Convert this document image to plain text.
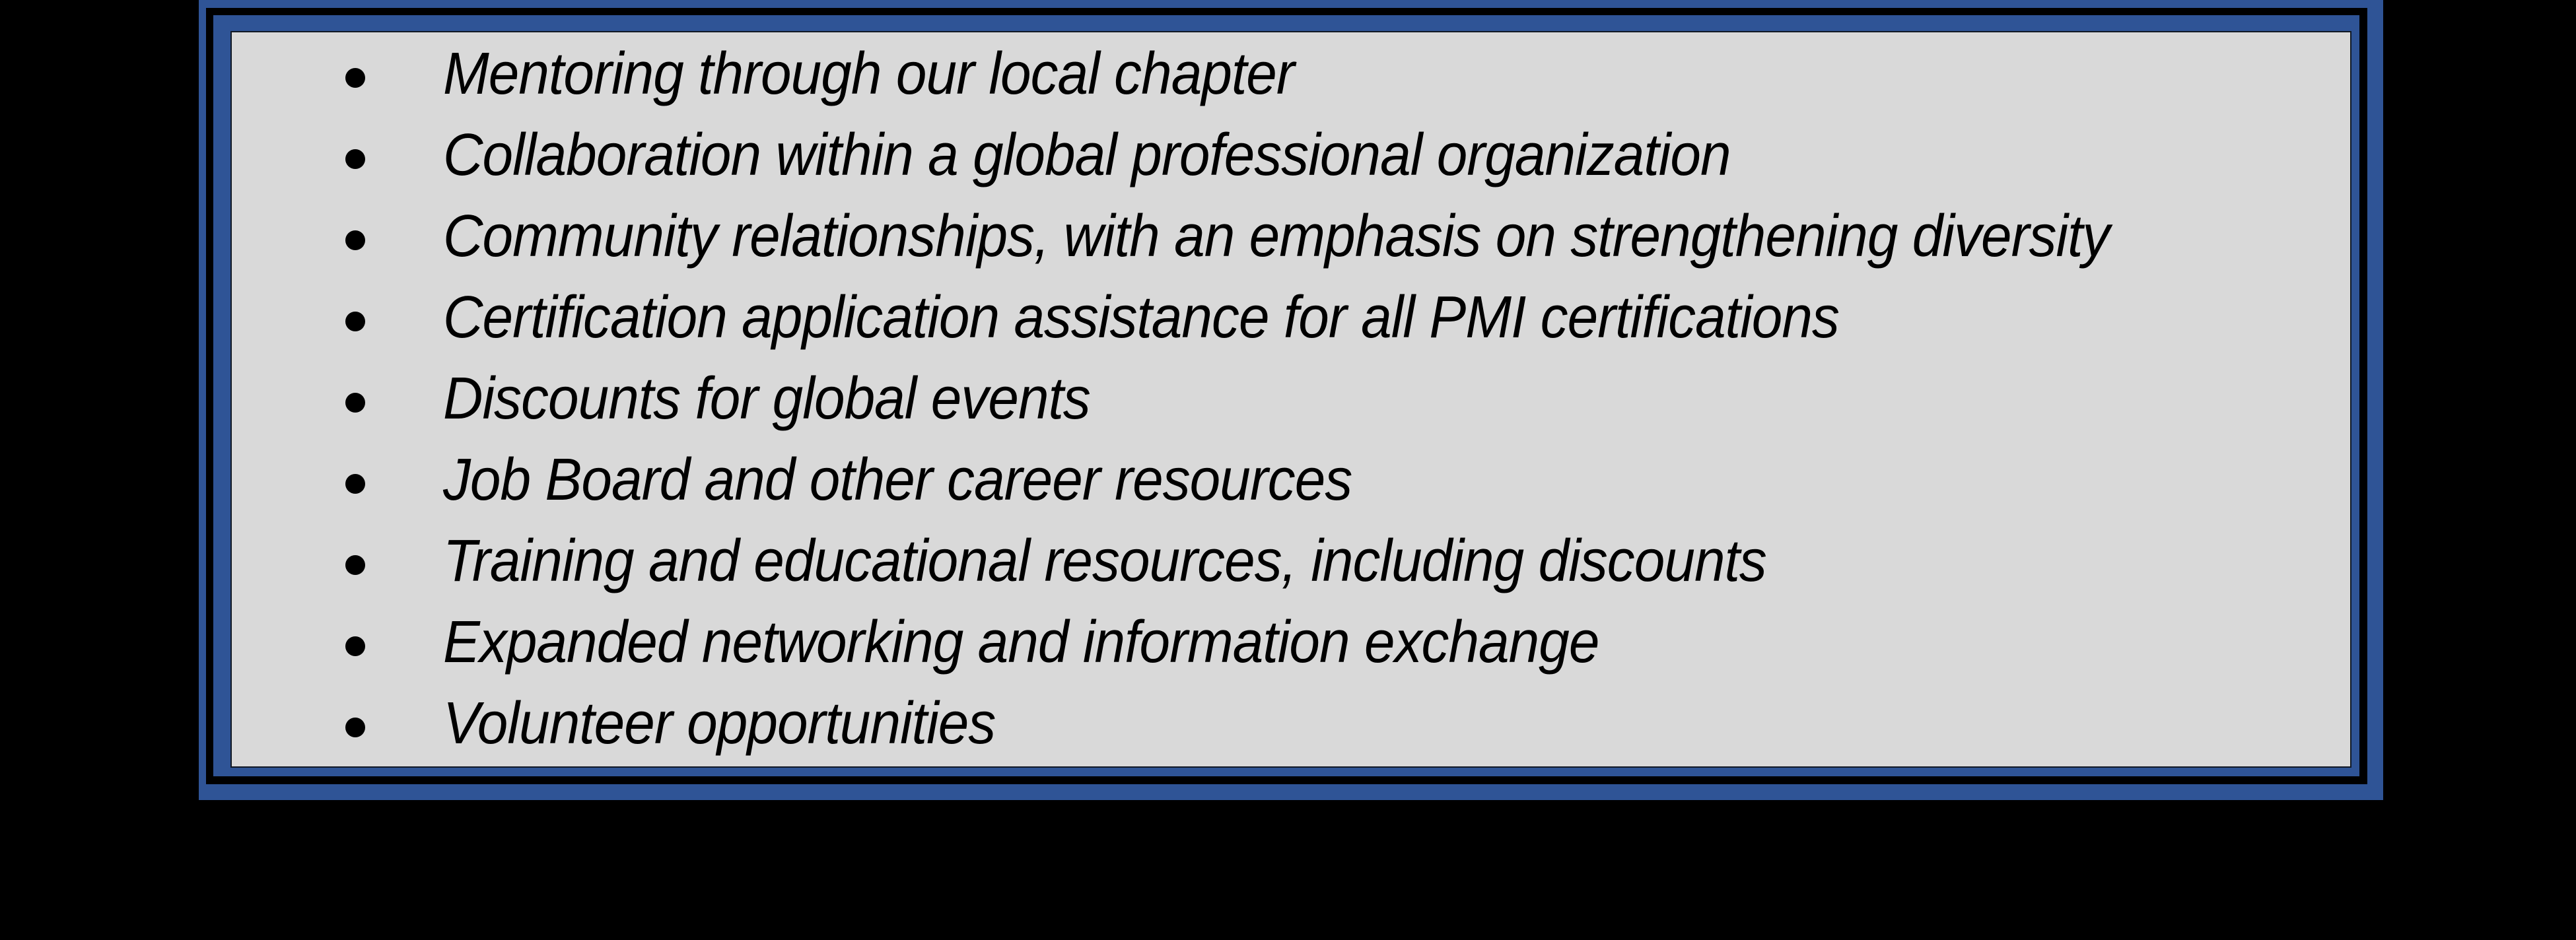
Mentoring through our local chapter
Collaboration within a global professional organization
Community relationships, with an emphasis on strengthening diversity
Certification application assistance for all PMI certifications
Discounts for global events
Job Board and other career resources
Training and educational resources, including discounts
Expanded networking and information exchange
Volunteer opportunities
